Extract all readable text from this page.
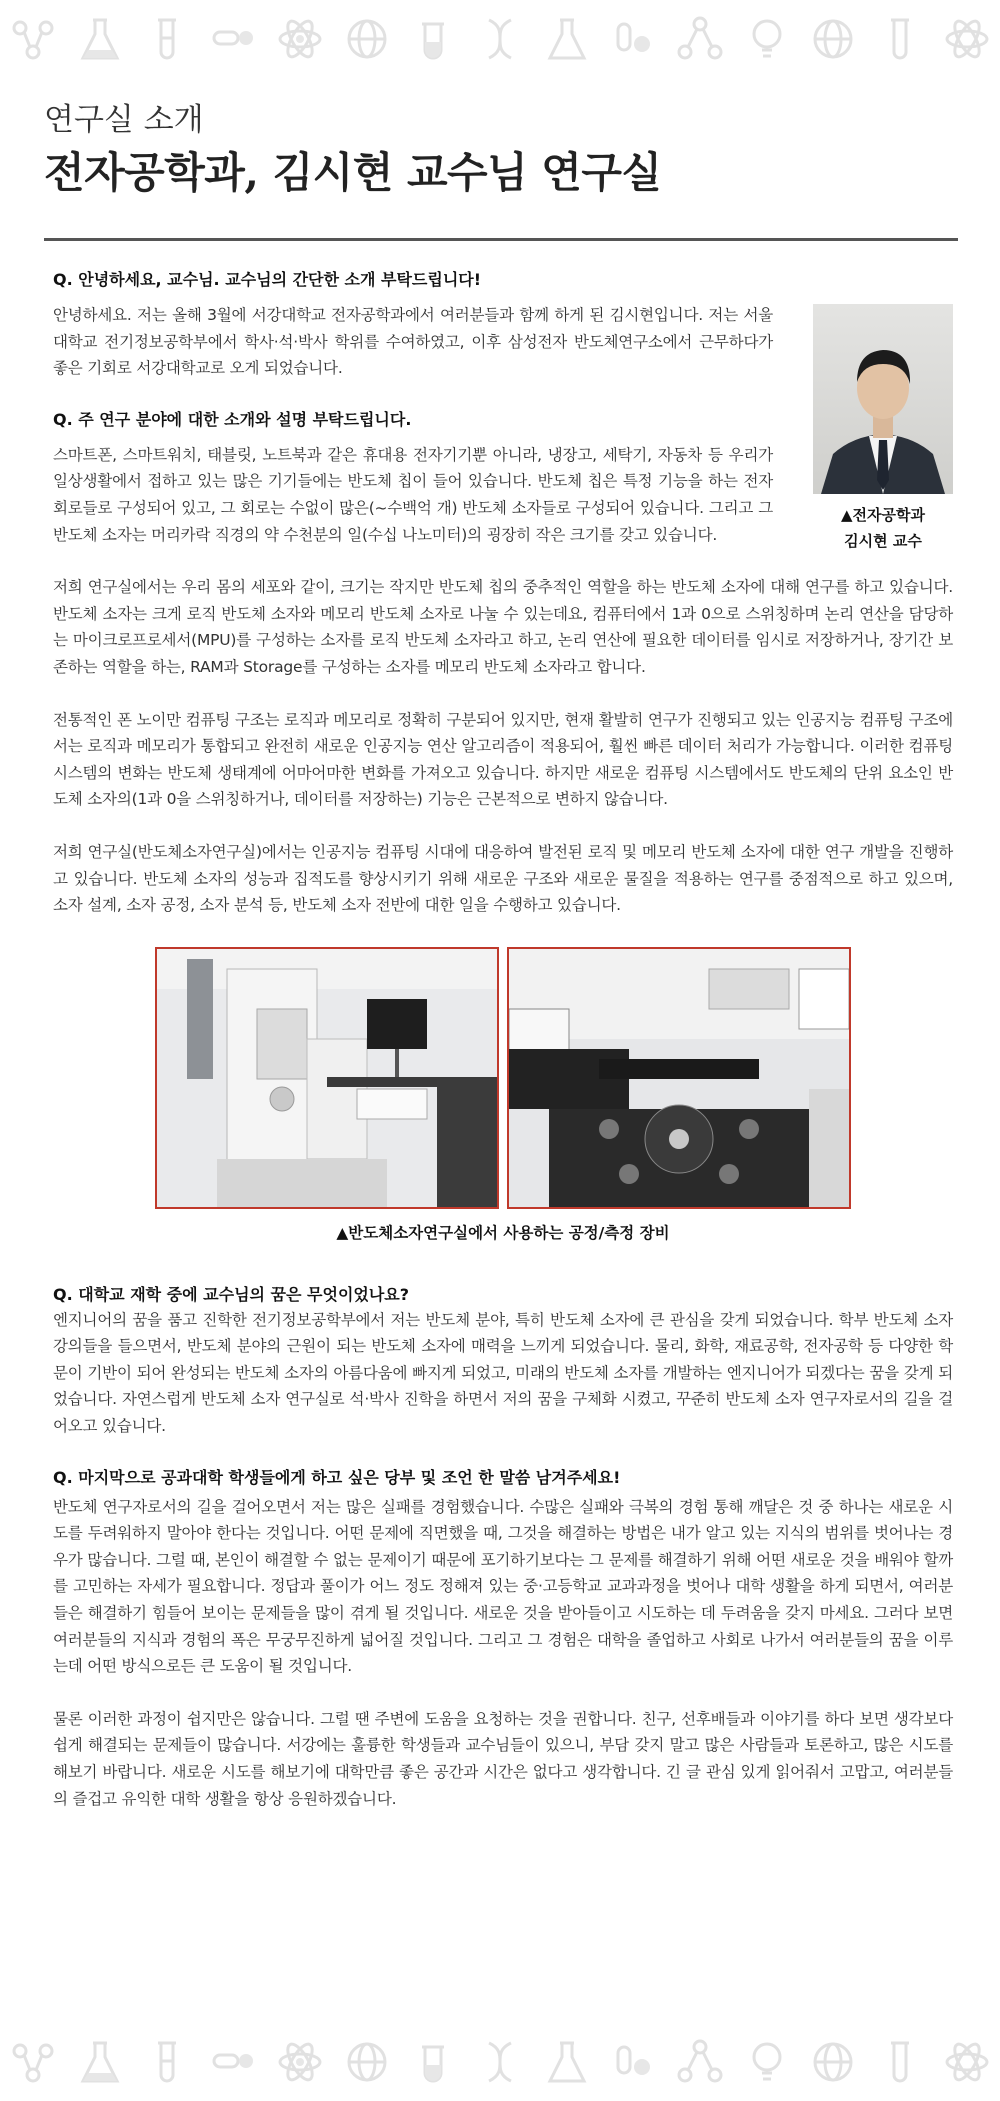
연구실 소개

전자공학과, 김시현 교수님 연구실

Q. 안녕하세요, 교수님. 교수님의 간단한 소개 부탁드립니다!

안녕하세요. 저는 올해 3월에 서강대학교 전자공학과에서 여러분들과 함께 하게 된 김시현입니다. 저는 서울대학교 전기정보공학부에서 학사·석·박사 학위를 수여하였고, 이후 삼성전자 반도체연구소에서 근무하다가 좋은 기회로 서강대학교로 오게 되었습니다.

Q. 주 연구 분야에 대한 소개와 설명 부탁드립니다.

스마트폰, 스마트워치, 태블릿, 노트북과 같은 휴대용 전자기기뿐 아니라, 냉장고, 세탁기, 자동차 등 우리가 일상생활에서 접하고 있는 많은 기기들에는 반도체 칩이 들어 있습니다. 반도체 칩은 특정 기능을 하는 전자회로들로 구성되어 있고, 그 회로는 수없이 많은(~수백억 개) 반도체 소자들로 구성되어 있습니다. 그리고 그 반도체 소자는 머리카락 직경의 약 수천분의 일(수십 나노미터)의 굉장히 작은 크기를 갖고 있습니다.

▲전자공학과
김시현 교수

저희 연구실에서는 우리 몸의 세포와 같이, 크기는 작지만 반도체 칩의 중추적인 역할을 하는 반도체 소자에 대해 연구를 하고 있습니다. 반도체 소자는 크게 로직 반도체 소자와 메모리 반도체 소자로 나눌 수 있는데요, 컴퓨터에서 1과 0으로 스위칭하며 논리 연산을 담당하는 마이크로프로세서(MPU)를 구성하는 소자를 로직 반도체 소자라고 하고, 논리 연산에 필요한 데이터를 임시로 저장하거나, 장기간 보존하는 역할을 하는, RAM과 Storage를 구성하는 소자를 메모리 반도체 소자라고 합니다.

전통적인 폰 노이만 컴퓨팅 구조는 로직과 메모리로 정확히 구분되어 있지만, 현재 활발히 연구가 진행되고 있는 인공지능 컴퓨팅 구조에서는 로직과 메모리가 통합되고 완전히 새로운 인공지능 연산 알고리즘이 적용되어, 훨씬 빠른 데이터 처리가 가능합니다. 이러한 컴퓨팅 시스템의 변화는 반도체 생태계에 어마어마한 변화를 가져오고 있습니다. 하지만 새로운 컴퓨팅 시스템에서도 반도체의 단위 요소인 반도체 소자의(1과 0을 스위칭하거나, 데이터를 저장하는) 기능은 근본적으로 변하지 않습니다.

저희 연구실(반도체소자연구실)에서는 인공지능 컴퓨팅 시대에 대응하여 발전된 로직 및 메모리 반도체 소자에 대한 연구 개발을 진행하고 있습니다. 반도체 소자의 성능과 집적도를 향상시키기 위해 새로운 구조와 새로운 물질을 적용하는 연구를 중점적으로 하고 있으며, 소자 설계, 소자 공정, 소자 분석 등, 반도체 소자 전반에 대한 일을 수행하고 있습니다.

▲반도체소자연구실에서 사용하는 공정/측정 장비

Q. 대학교 재학 중에 교수님의 꿈은 무엇이었나요?

엔지니어의 꿈을 품고 진학한 전기정보공학부에서 저는 반도체 분야, 특히 반도체 소자에 큰 관심을 갖게 되었습니다. 학부 반도체 소자 강의들을 들으면서, 반도체 분야의 근원이 되는 반도체 소자에 매력을 느끼게 되었습니다. 물리, 화학, 재료공학, 전자공학 등 다양한 학문이 기반이 되어 완성되는 반도체 소자의 아름다움에 빠지게 되었고, 미래의 반도체 소자를 개발하는 엔지니어가 되겠다는 꿈을 갖게 되었습니다. 자연스럽게 반도체 소자 연구실로 석·박사 진학을 하면서 저의 꿈을 구체화 시켰고, 꾸준히 반도체 소자 연구자로서의 길을 걸어오고 있습니다.

Q. 마지막으로 공과대학 학생들에게 하고 싶은 당부 및 조언 한 말씀 남겨주세요!

반도체 연구자로서의 길을 걸어오면서 저는 많은 실패를 경험했습니다. 수많은 실패와 극복의 경험 통해 깨달은 것 중 하나는 새로운 시도를 두려워하지 말아야 한다는 것입니다. 어떤 문제에 직면했을 때, 그것을 해결하는 방법은 내가 알고 있는 지식의 범위를 벗어나는 경우가 많습니다. 그럴 때, 본인이 해결할 수 없는 문제이기 때문에 포기하기보다는 그 문제를 해결하기 위해 어떤 새로운 것을 배워야 할까를 고민하는 자세가 필요합니다. 정답과 풀이가 어느 정도 정해져 있는 중·고등학교 교과과정을 벗어나 대학 생활을 하게 되면서, 여러분들은 해결하기 힘들어 보이는 문제들을 많이 겪게 될 것입니다. 새로운 것을 받아들이고 시도하는 데 두려움을 갖지 마세요. 그러다 보면 여러분들의 지식과 경험의 폭은 무궁무진하게 넓어질 것입니다. 그리고 그 경험은 대학을 졸업하고 사회로 나가서 여러분들의 꿈을 이루는데 어떤 방식으로든 큰 도움이 될 것입니다.

물론 이러한 과정이 쉽지만은 않습니다. 그럴 땐 주변에 도움을 요청하는 것을 권합니다. 친구, 선후배들과 이야기를 하다 보면 생각보다 쉽게 해결되는 문제들이 많습니다. 서강에는 훌륭한 학생들과 교수님들이 있으니, 부담 갖지 말고 많은 사람들과 토론하고, 많은 시도를 해보기 바랍니다. 새로운 시도를 해보기에 대학만큼 좋은 공간과 시간은 없다고 생각합니다. 긴 글 관심 있게 읽어줘서 고맙고, 여러분들의 즐겁고 유익한 대학 생활을 항상 응원하겠습니다.
